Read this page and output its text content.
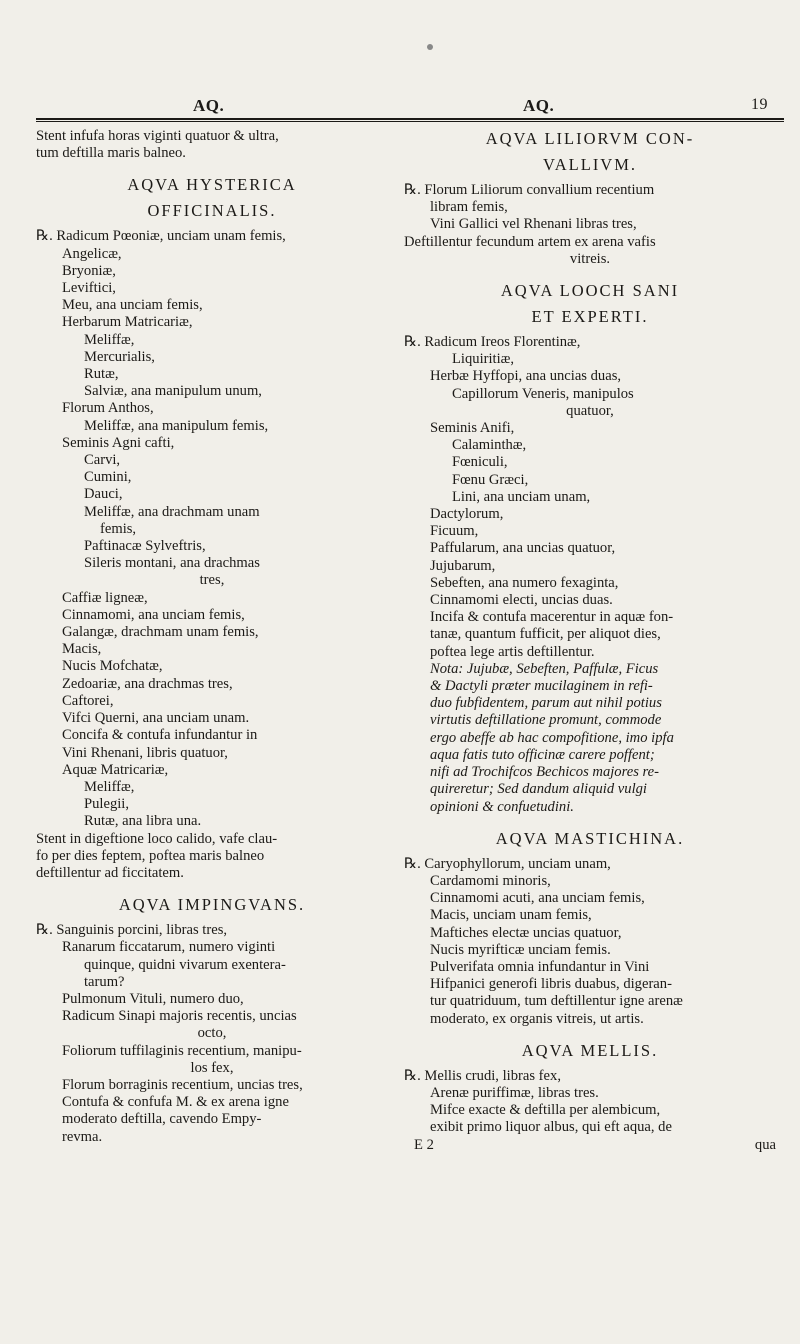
AQ.	AQ.	19

Stent infufa horas viginti quatuor & ultra,

tum deftilla maris balneo.

AQVA HYSTERICA

OFFICINALIS.

℞. Radicum Pœoniæ, unciam unam femis,

Angelicæ,

Bryoniæ,

Leviftici,

Meu, ana unciam femis,

Herbarum Matricariæ,

Meliffæ,

Mercurialis,

Rutæ,

Salviæ, ana manipulum unum,

Florum Anthos,

Meliffæ, ana manipulum femis,

Seminis Agni cafti,

Carvi,

Cumini,

Dauci,

Meliffæ, ana drachmam unam

femis,

Paftinacæ Sylveftris,

Sileris montani, ana drachmas

tres,

Caffiæ ligneæ,

Cinnamomi, ana unciam femis,

Galangæ, drachmam unam femis,

Macis,

Nucis Mofchatæ,

Zedoariæ, ana drachmas tres,

Caftorei,

Vifci Querni, ana unciam unam.

Concifa & contufa infundantur in

Vini Rhenani, libris quatuor,

Aquæ Matricariæ,

Meliffæ,

Pulegii,

Rutæ, ana libra una.

Stent in digeftione loco calido, vafe clau-

fo per dies feptem, poftea maris balneo

deftillentur ad ficcitatem.

AQVA IMPINGVANS.

℞. Sanguinis porcini, libras tres,

Ranarum ficcatarum, numero viginti

quinque, quidni vivarum exentera-

tarum?

Pulmonum Vituli, numero duo,

Radicum Sinapi majoris recentis, uncias

octo,

Foliorum tuffilaginis recentium, manipu-

los fex,

Florum borraginis recentium, uncias tres,

Contufa & confufa M. & ex arena igne

moderato deftilla, cavendo Empy-

revma.

AQVA LILIORVM CON-

VALLIVM.

℞. Florum Liliorum convallium recentium

libram femis,

Vini Gallici vel Rhenani libras tres,

Deftillentur fecundum artem ex arena vafis

vitreis.

AQVA LOOCH SANI

ET EXPERTI.

℞. Radicum Ireos Florentinæ,

Liquiritiæ,

Herbæ Hyffopi, ana uncias duas,

Capillorum Veneris, manipulos

quatuor,

Seminis Anifi,

Calaminthæ,

Fœniculi,

Fœnu Græci,

Lini, ana unciam unam,

Dactylorum,

Ficuum,

Paffularum, ana uncias quatuor,

Jujubarum,

Sebeften, ana numero fexaginta,

Cinnamomi electi, uncias duas.

Incifa & contufa macerentur in aquæ fon-

tanæ, quantum fufficit, per aliquot dies,

poftea lege artis deftillentur.

Nota: Jujubæ, Sebeften, Paffulæ, Ficus

& Dactyli præter mucilaginem in refi-

duo fubfidentem, parum aut nihil potius

virtutis deftillatione promunt, commode

ergo abeffe ab hac compofitione, imo ipfa

aqua fatis tuto officinæ carere poffent;

nifi ad Trochifcos Bechicos majores re-

quireretur; Sed dandum aliquid vulgi

opinioni & confuetudini.

AQVA MASTICHINA.

℞. Caryophyllorum, unciam unam,

Cardamomi minoris,

Cinnamomi acuti, ana unciam femis,

Macis, unciam unam femis,

Maftiches electæ uncias quatuor,

Nucis myrifticæ unciam femis.

Pulverifata omnia infundantur in Vini

Hifpanici generofi libris duabus, digeran-

tur quatriduum, tum deftillentur igne arenæ

moderato, ex organis vitreis, ut artis.

AQVA MELLIS.

℞. Mellis crudi, libras fex,

Arenæ puriffimæ, libras tres.

Mifce exacte & deftilla per alembicum,

exibit primo liquor albus, qui eft aqua, de

E 2	qua
